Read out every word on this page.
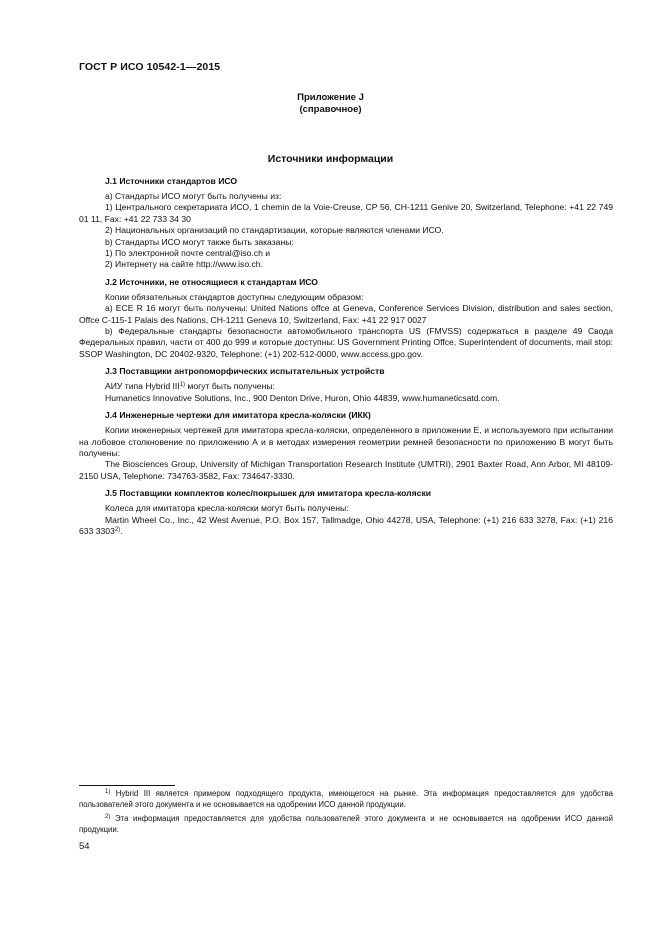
ГОСТ Р ИСО 10542-1—2015
Приложение J
(справочное)
Источники информации
J.1 Источники стандартов ИСО

а) Стандарты ИСО могут быть получены из:

1) Центрального секретариата ИСО, 1 chemin de la Voie-Creuse, CP 56, CH-1211 Genive 20, Switzerland, Telephone: +41 22 749 01 11, Fax: +41 22 733 34 30

2) Национальных организаций по стандартизации, которые являются членами ИСО.

b) Стандарты ИСО могут также быть заказаны:

1) По электронной почте central@iso.ch и

2) Интернету на сайте http://www.iso.ch.

J.2 Источники, не относящиеся к стандартам ИСО

Копии обязательных стандартов доступны следующим образом:

a) ECE R 16 могут быть получены: United Nations offce at Geneva, Conference Services Division, distribution and sales section, Offce C-115-1 Palais des Nations, CH-1211 Geneva 10, Switzerland, Fax: +41 22 917 0027

b) Федеральные стандарты безопасности автомобильного транспорта US (FMVSS) содержаться в разделе 49 Свода Федеральных правил, части от 400 до 999 и которые доступны: US Government Printing Offce, Superintendent of documents, mail stop: SSOP Washington, DC 20402-9320, Telephone: (+1) 202-512-0000, www.access.gpo.gov.

J.3 Поставщики антропоморфических испытательных устройств

АИУ типа Hybrid III$^{1)}$ могут быть получены:

Humanetics Innovative Solutions, Inc., 900 Denton Drive, Huron, Ohio 44839, www.humaneticsatd.com.

J.4 Инженерные чертежи для имитатора кресла-коляски (ИКК)

Копии инженерных чертежей для имитатора кресла-коляски, определенного в приложении Е, и используемого при испытании на лобовое столкновение по приложению А и в методах измерения геометрии ремней безопасности по приложению В могут быть получены:

The Biosciences Group, University of Michigan Transportation Research Institute (UMTRI), 2901 Baxter Road, Ann Arbor, MI 48109-2150 USA, Telephone: 734763-3582, Fax: 734647-3330.

J.5 Поставщики комплектов колес/покрышек для имитатора кресла-коляски

Колеса для имитатора кресла-коляски могут быть получены:

Martin Wheel Co., Inc., 42 West Avenue, P.O. Box 157, Tallmadge, Ohio 44278, USA, Telephone: (+1) 216 633 3278, Fax: (+1) 216 633 3303$^{2)}$.

$^{1)}$ Hybrid III является примером подходящего продукта, имеющегося на рынке. Эта информация предоставляется для удобства пользователей этого документа и не основывается на одобрении ИСО данной продукции.

$^{2)}$ Эта информация предоставляется для удобства пользователей этого документа и не основывается на одобрении ИСО данной продукции.

54
